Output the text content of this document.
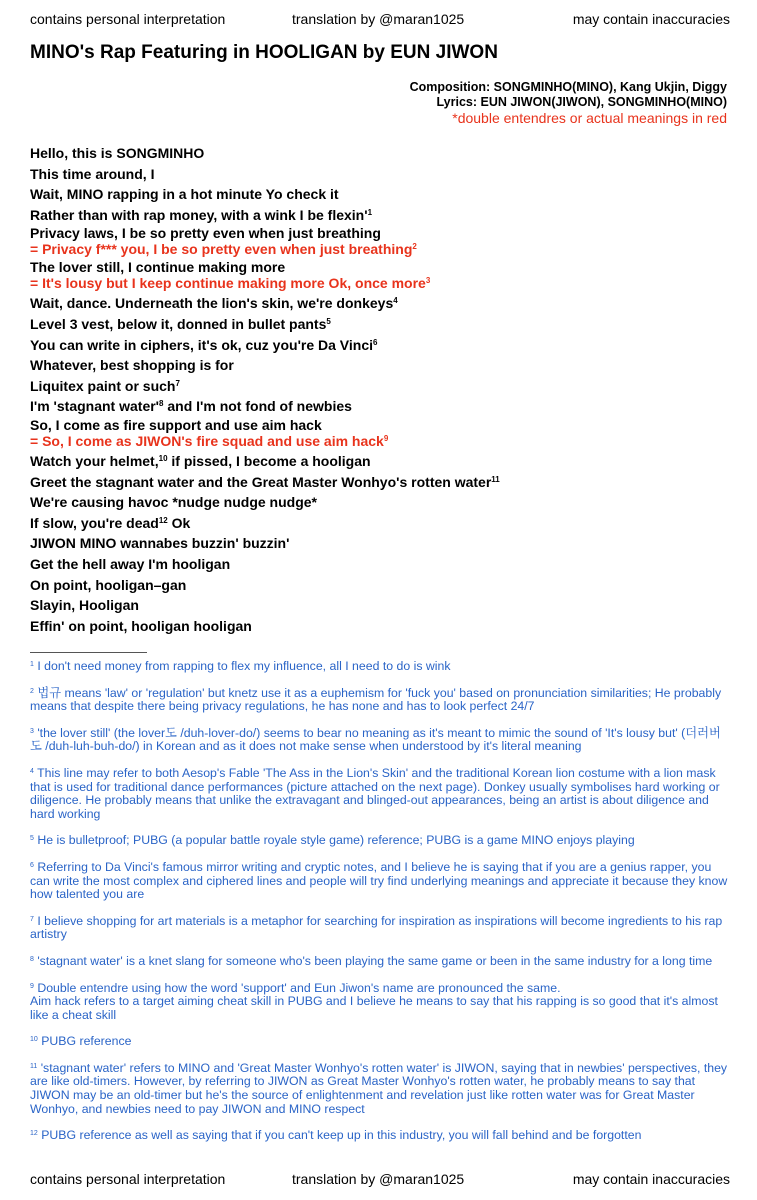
contains personal interpretation	translation by @maran1025	may contain inaccuracies
MINO's Rap Featuring in HOOLIGAN by EUN JIWON
Composition: SONGMINHO(MINO), Kang Ukjin, Diggy
Lyrics: EUN JIWON(JIWON), SONGMINHO(MINO)
*double entendres or actual meanings in red
Hello, this is SONGMINHO
This time around, I
Wait, MINO rapping in a hot minute Yo check it
Rather than with rap money, with a wink I be $flexin'^1$
Privacy laws, I be so pretty even when just breathing
= Privacy f*** you, I be so pretty even when just breathing$^2$
The lover still, I continue making more
= It's lousy but I keep continue making more Ok, once more$^3$
Wait, dance. Underneath the lion's skin, we're donkeys$^4$
Level 3 vest, below it, donned in bullet pants$^5$
You can write in ciphers, it's ok, cuz you're Da Vinci$^6$
Whatever, best shopping is for
Liquitex paint or such$^7$
I'm 'stagnant $water'^8$ and I'm not fond of newbies
So, I come as fire support and use aim hack
= So, I come as JIWON's fire squad and use aim hack$^9$
Watch your helmet,$^{10}$ if pissed, I become a hooligan
Greet the stagnant water and the Great Master Wonhyo's rotten water$^{11}$
We're causing havoc *nudge nudge nudge*
If slow, you're dead$^{12}$ Ok
JIWON MINO wannabes buzzin' buzzin'
Get the hell away I'm hooligan
On point, hooligan–gan
Slayin, Hooligan
Effin' on point, hooligan hooligan

$^1$ I don't need money from rapping to flex my influence, all I need to do is wink

$^2$ 법규 means 'law' or 'regulation' but knetz use it as a euphemism for 'fuck you' based on pronunciation similarities; He probably means that despite there being privacy regulations, he has none and has to look perfect 24/7

$^3$ 'the lover still' (the lover도 /duh-lover-do/) seems to bear no meaning as it's meant to mimic the sound of 'It's lousy but' (더러버도 /duh-luh-buh-do/) in Korean and as it does not make sense when understood by it's literal meaning

$^4$ This line may refer to both Aesop's Fable 'The Ass in the Lion's Skin' and the traditional Korean lion costume with a lion mask that is used for traditional dance performances (picture attached on the next page). Donkey usually symbolises hard working or diligence. He probably means that unlike the extravagant and blinged-out appearances, being an artist is about diligence and hard working

$^5$ He is bulletproof; PUBG (a popular battle royale style game) reference; PUBG is a game MINO enjoys playing

$^6$ Referring to Da Vinci's famous mirror writing and cryptic notes, and I believe he is saying that if you are a genius rapper, you can write the most complex and ciphered lines and people will try find underlying meanings and appreciate it because they know how talented you are

$^7$ I believe shopping for art materials is a metaphor for searching for inspiration as inspirations will become ingredients to his rap artistry

$^8$ 'stagnant water' is a knet slang for someone who's been playing the same game or been in the same industry for a long time

$^9$ Double entendre using how the word 'support' and Eun Jiwon's name are pronounced the same.

Aim hack refers to a target aiming cheat skill in PUBG and I believe he means to say that his rapping is so good that it's almost like a cheat skill

$^{10}$ PUBG reference

$^{11}$ 'stagnant water' refers to MINO and 'Great Master Wonhyo's rotten water' is JIWON, saying that in newbies' perspectives, they are like old-timers. However, by referring to JIWON as Great Master Wonhyo's rotten water, he probably means to say that JIWON may be an old-timer but he's the source of enlightenment and revelation just like rotten water was for Great Master Wonhyo, and newbies need to pay JIWON and MINO respect

$^{12}$ PUBG reference as well as saying that if you can't keep up in this industry, you will fall behind and be forgotten

contains personal interpretation	translation by @maran1025	may contain inaccuracies
